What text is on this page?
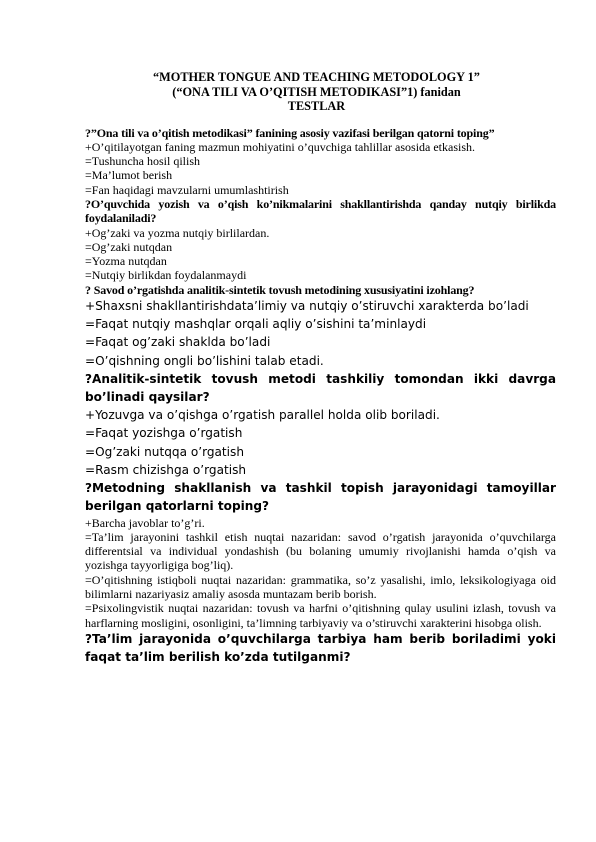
“MOTHER TONGUE AND TEACHING METODOLOGY 1”
(“ONA TILI VA O’QITISH METODIKASI”1) fanidan
TESTLAR

?”Ona tili va o’qitish metodikasi” fanining asosiy vazifasi berilgan qatorni toping”

+O’qitilayotgan faning mazmun mohiyatini o’quvchiga tahlillar asosida etkasish.

=Tushuncha hosil qilish

=Ma’lumot berish

=Fan haqidagi mavzularni umumlashtirish

?O’quvchida yozish va o’qish ko’nikmalarini shakllantirishda qanday nutqiy birlikda foydalaniladi?

+Og’zaki va yozma nutqiy birlilardan.

=Og’zaki nutqdan

=Yozma nutqdan

=Nutqiy birlikdan foydalanmaydi

? Savod o’rgatishda analitik-sintetik tovush metodining xususiyatini izohlang?

+Shaxsni shakllantirishdata’limiy va nutqiy o’stiruvchi xarakterda bo’ladi

=Faqat nutqiy mashqlar orqali aqliy o’sishini ta’minlaydi

=Faqat og’zaki shaklda bo’ladi

=O’qishning ongli bo’lishini talab etadi.

?Analitik-sintetik tovush metodi tashkiliy tomondan ikki davrga bo’linadi qaysilar?

+Yozuvga va o’qishga o’rgatish parallel holda olib boriladi.

=Faqat yozishga o’rgatish

=Og’zaki nutqqa o’rgatish

=Rasm chizishga o’rgatish

?Metodning shakllanish va tashkil topish jarayonidagi tamoyillar berilgan qatorlarni toping?

+Barcha javoblar to’g’ri.

=Ta’lim jarayonini tashkil etish nuqtai nazaridan: savod o’rgatish jarayonida o’quvchilarga differentsial va individual yondashish (bu bolaning umumiy rivojlanishi hamda o’qish va yozishga tayyorligiga bog’liq).

=O’qitishning istiqboli nuqtai nazaridan: grammatika, so’z yasalishi, imlo, leksikologiyaga oid bilimlarni nazariyasiz amaliy asosda muntazam berib borish.

=Psixolingvistik nuqtai nazaridan: tovush va harfni o’qitishning qulay usulini izlash, tovush va harflarning mosligini, osonligini, ta’limning tarbiyaviy va o’stiruvchi xarakterini hisobga olish.

?Ta’lim jarayonida o’quvchilarga tarbiya ham berib boriladimi yoki faqat ta’lim berilish ko’zda tutilganmi?
